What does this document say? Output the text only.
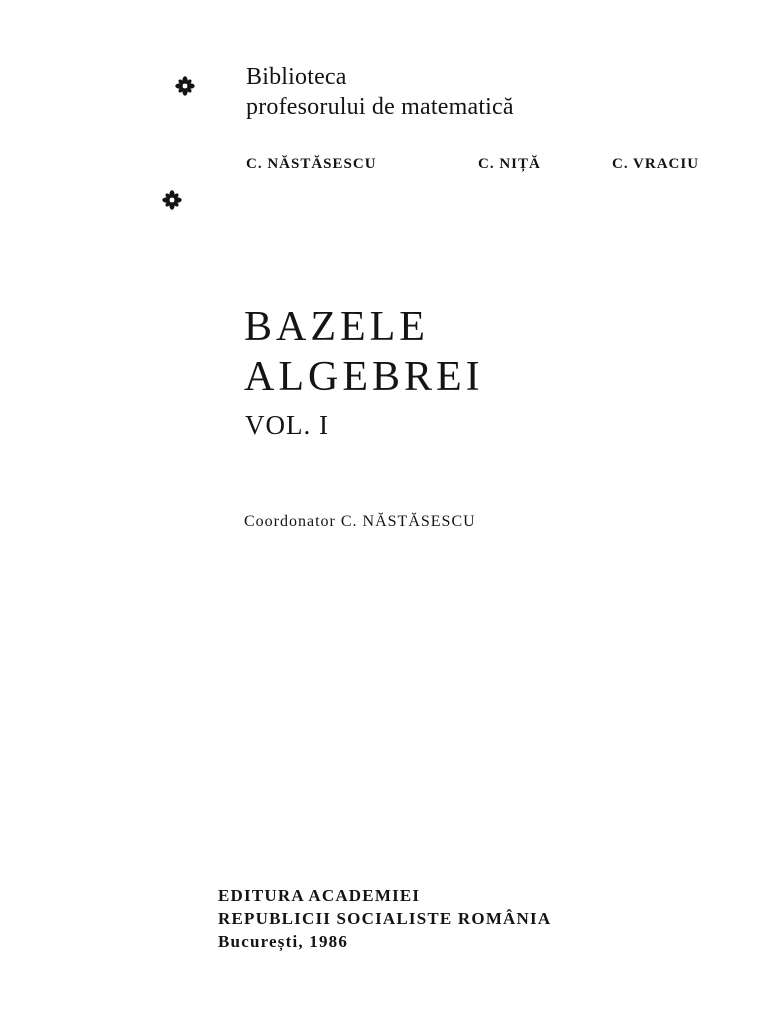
Biblioteca
profesorului de matematică
C. NĂSTĂSESCU	C. NIȚĂ	C. VRACIU
BAZELE
ALGEBREI
VOL. I
Coordonator C. NĂSTĂSESCU
EDITURA ACADEMIEI
REPUBLICII SOCIALISTE ROMÂNIA
București, 1986
